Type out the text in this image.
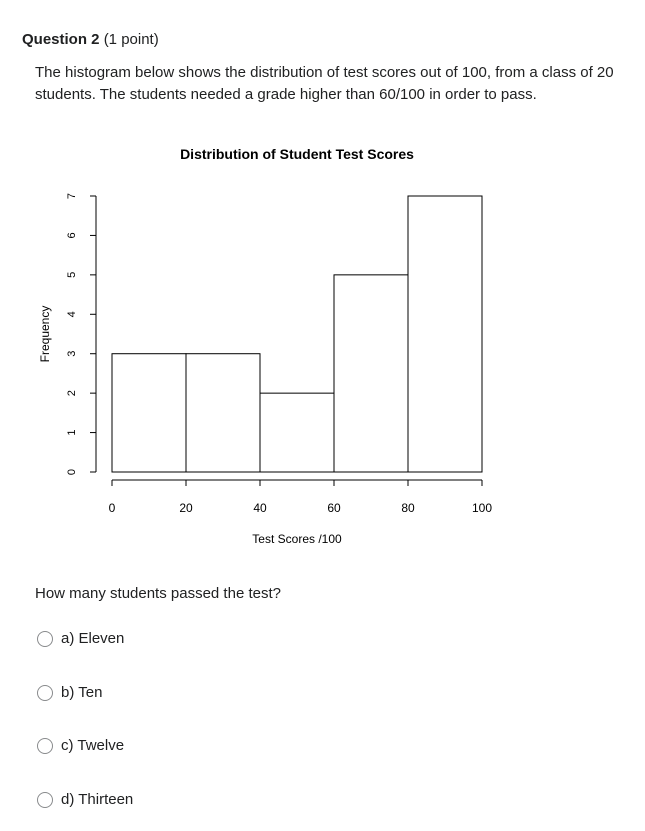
Question 2 (1 point)
The histogram below shows the distribution of test scores out of 100, from a class of 20 students. The students needed a grade higher than 60/100 in order to pass.
Distribution of Student Test Scores
0	20	40	60	80	100
Test Scores /100
0
1
2
3
4
5
6
7
Frequency
How many students passed the test?
a) Eleven
b) Ten
c) Twelve
d) Thirteen
